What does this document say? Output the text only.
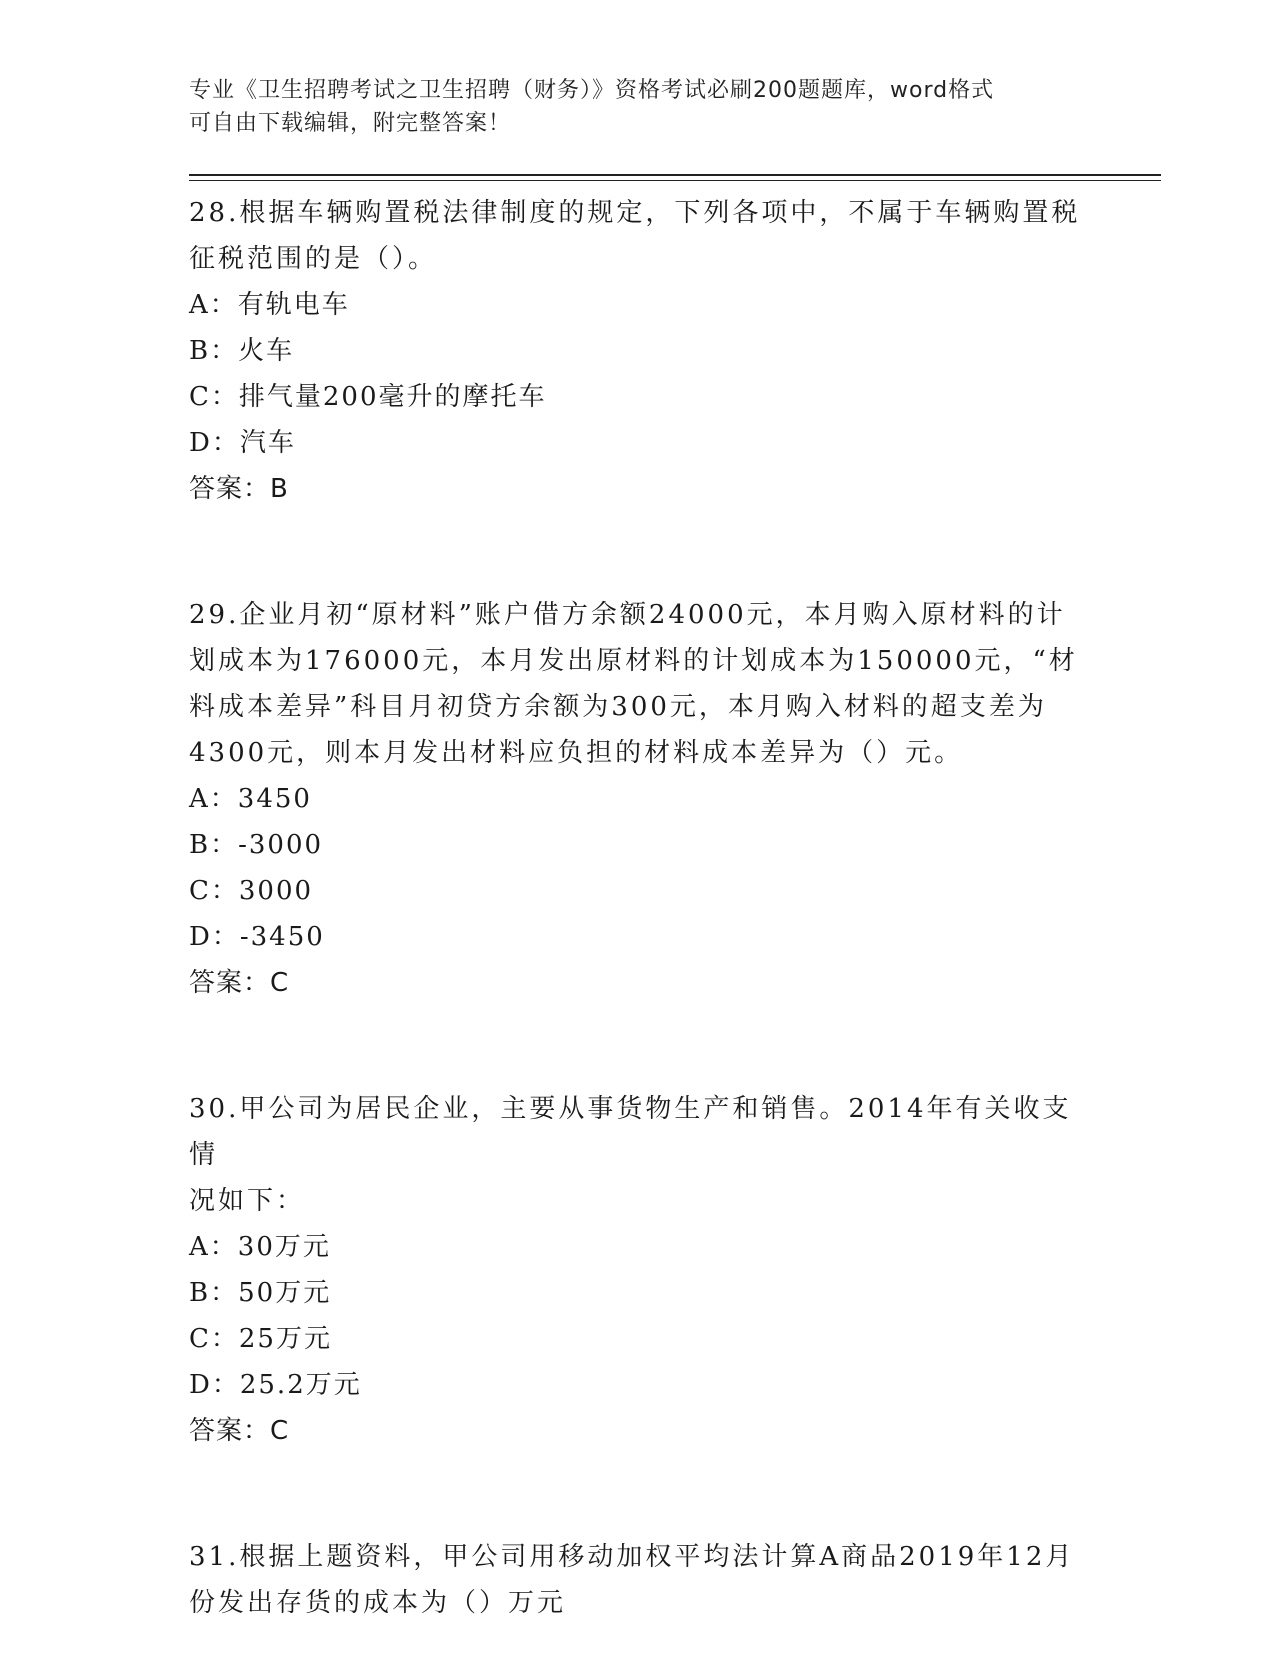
专业《卫生招聘考试之卫生招聘（财务）》资格考试必刷200题题库，word格式
可自由下载编辑，附完整答案！

28.根据车辆购置税法律制度的规定，下列各项中，不属于车辆购置税

征税范围的是（）。

A：有轨电车

B：火车

C：排气量200毫升的摩托车

D：汽车

答案：B

29.企业月初“原材料”账户借方余额24000元，本月购入原材料的计

划成本为176000元，本月发出原材料的计划成本为150000元，“材

料成本差异”科目月初贷方余额为300元，本月购入材料的超支差为

4300元，则本月发出材料应负担的材料成本差异为（）元。

A：3450

B：-3000

C：3000

D：-3450

答案：C

30.甲公司为居民企业，主要从事货物生产和销售。2014年有关收支情

况如下：

A：30万元

B：50万元

C：25万元

D：25.2万元

答案：C

31.根据上题资料，甲公司用移动加权平均法计算A商品2019年12月

份发出存货的成本为（）万元
